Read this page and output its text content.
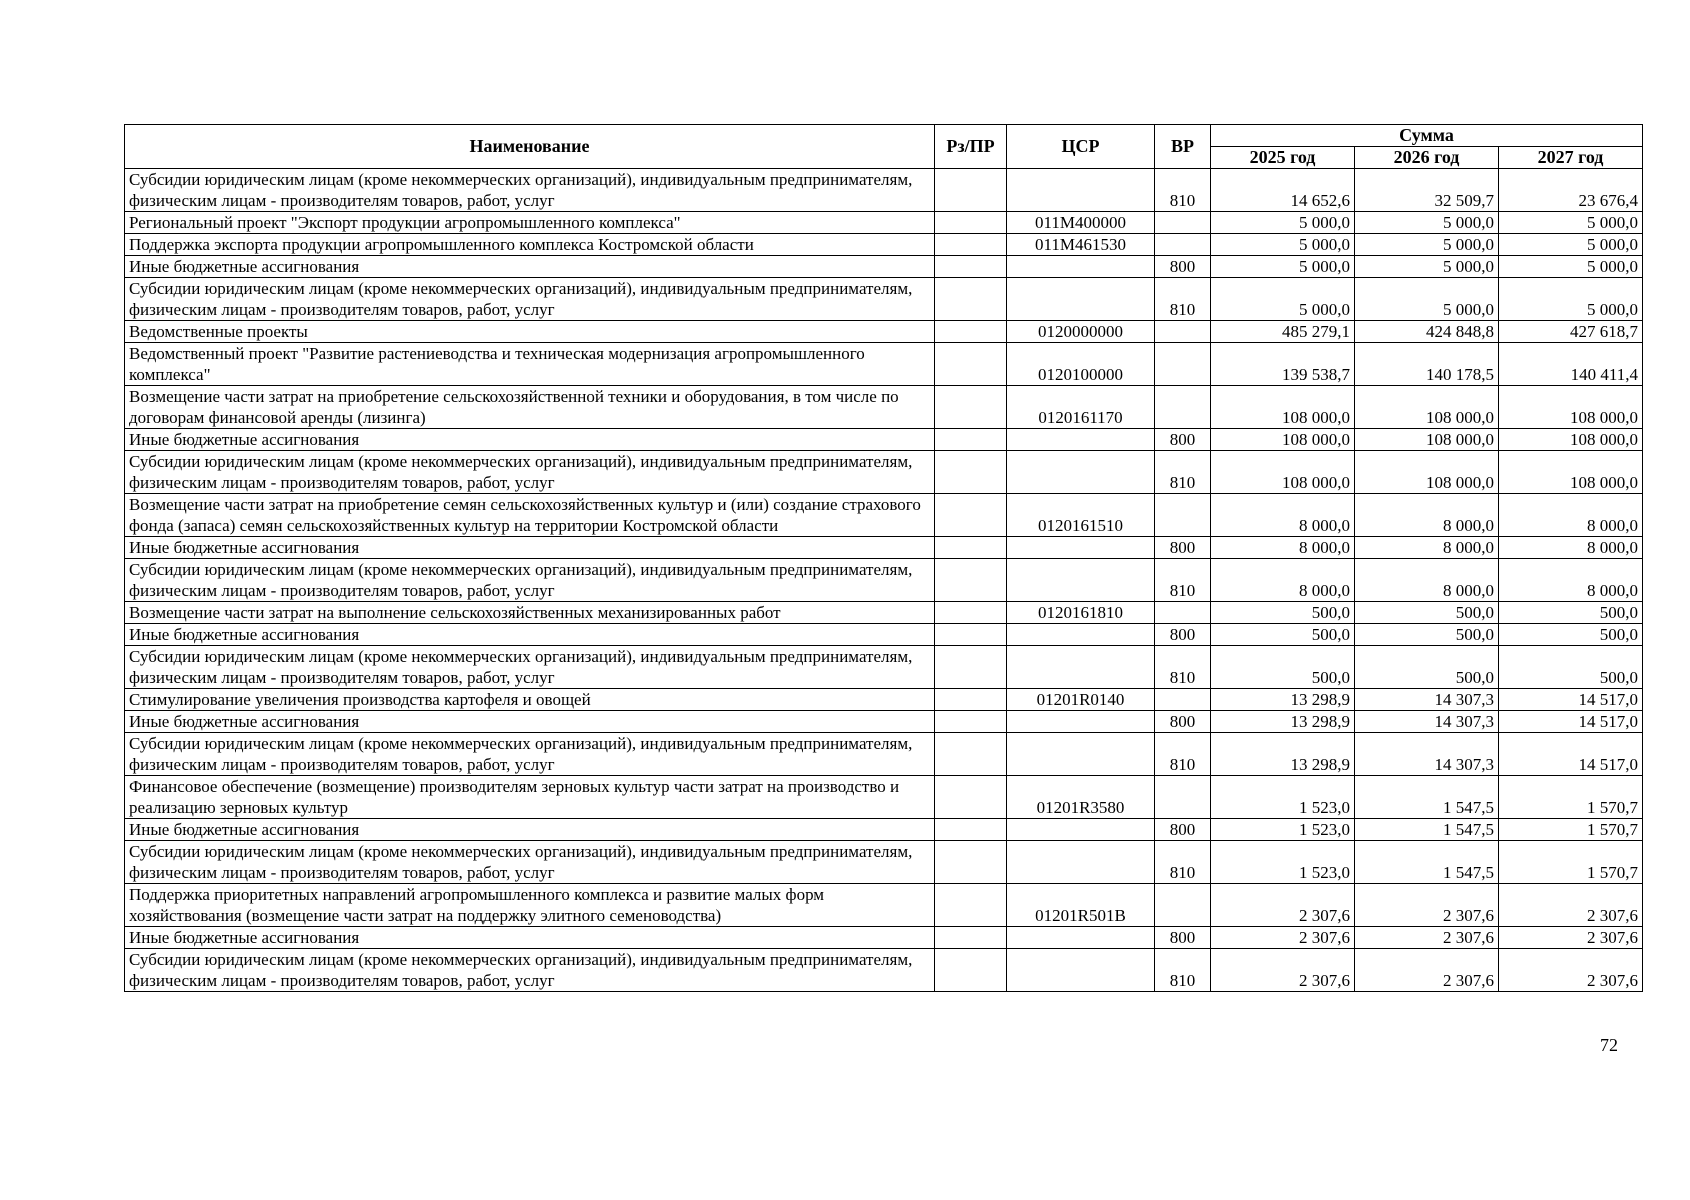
Наименование	Рз/ПР	ЦСР	ВР	Сумма		
				2025 год	2026 год	2027 год
Субсидии юридическим лицам (кроме некоммерческих организаций), индивидуальным предпринимателям, физическим лицам - производителям товаров, работ, услуг			810	14 652,6	32 509,7	23 676,4
Региональный проект "Экспорт продукции агропромышленного комплекса"		011M400000		5 000,0	5 000,0	5 000,0
Поддержка экспорта продукции агропромышленного комплекса Костромской области		011M461530		5 000,0	5 000,0	5 000,0
Иные бюджетные ассигнования			800	5 000,0	5 000,0	5 000,0
Субсидии юридическим лицам (кроме некоммерческих организаций), индивидуальным предпринимателям, физическим лицам - производителям товаров, работ, услуг			810	5 000,0	5 000,0	5 000,0
Ведомственные проекты		0120000000		485 279,1	424 848,8	427 618,7
Ведомственный проект "Развитие растениеводства и техническая модернизация агропромышленного комплекса"		0120100000		139 538,7	140 178,5	140 411,4
Возмещение части затрат на приобретение сельскохозяйственной техники и оборудования, в том числе по договорам финансовой аренды (лизинга)		0120161170		108 000,0	108 000,0	108 000,0
Иные бюджетные ассигнования			800	108 000,0	108 000,0	108 000,0
Субсидии юридическим лицам (кроме некоммерческих организаций), индивидуальным предпринимателям, физическим лицам - производителям товаров, работ, услуг			810	108 000,0	108 000,0	108 000,0
Возмещение части затрат на приобретение семян сельскохозяйственных культур и (или) создание страхового фонда (запаса) семян сельскохозяйственных культур на территории Костромской области		0120161510		8 000,0	8 000,0	8 000,0
Иные бюджетные ассигнования			800	8 000,0	8 000,0	8 000,0
Субсидии юридическим лицам (кроме некоммерческих организаций), индивидуальным предпринимателям, физическим лицам - производителям товаров, работ, услуг			810	8 000,0	8 000,0	8 000,0
Возмещение части затрат на выполнение сельскохозяйственных механизированных работ		0120161810		500,0	500,0	500,0
Иные бюджетные ассигнования			800	500,0	500,0	500,0
Субсидии юридическим лицам (кроме некоммерческих организаций), индивидуальным предпринимателям, физическим лицам - производителям товаров, работ, услуг			810	500,0	500,0	500,0
Стимулирование увеличения производства картофеля и овощей		01201R0140		13 298,9	14 307,3	14 517,0
Иные бюджетные ассигнования			800	13 298,9	14 307,3	14 517,0
Субсидии юридическим лицам (кроме некоммерческих организаций), индивидуальным предпринимателям, физическим лицам - производителям товаров, работ, услуг			810	13 298,9	14 307,3	14 517,0
Финансовое обеспечение (возмещение) производителям зерновых культур части затрат на производство и реализацию зерновых культур		01201R3580		1 523,0	1 547,5	1 570,7
Иные бюджетные ассигнования			800	1 523,0	1 547,5	1 570,7
Субсидии юридическим лицам (кроме некоммерческих организаций), индивидуальным предпринимателям, физическим лицам - производителям товаров, работ, услуг			810	1 523,0	1 547,5	1 570,7
Поддержка приоритетных направлений агропромышленного комплекса и развитие малых форм хозяйствования (возмещение части затрат на поддержку элитного семеноводства)		01201R501B		2 307,6	2 307,6	2 307,6
Иные бюджетные ассигнования			800	2 307,6	2 307,6	2 307,6
Субсидии юридическим лицам (кроме некоммерческих организаций), индивидуальным предпринимателям, физическим лицам - производителям товаров, работ, услуг			810	2 307,6	2 307,6	2 307,6
72
